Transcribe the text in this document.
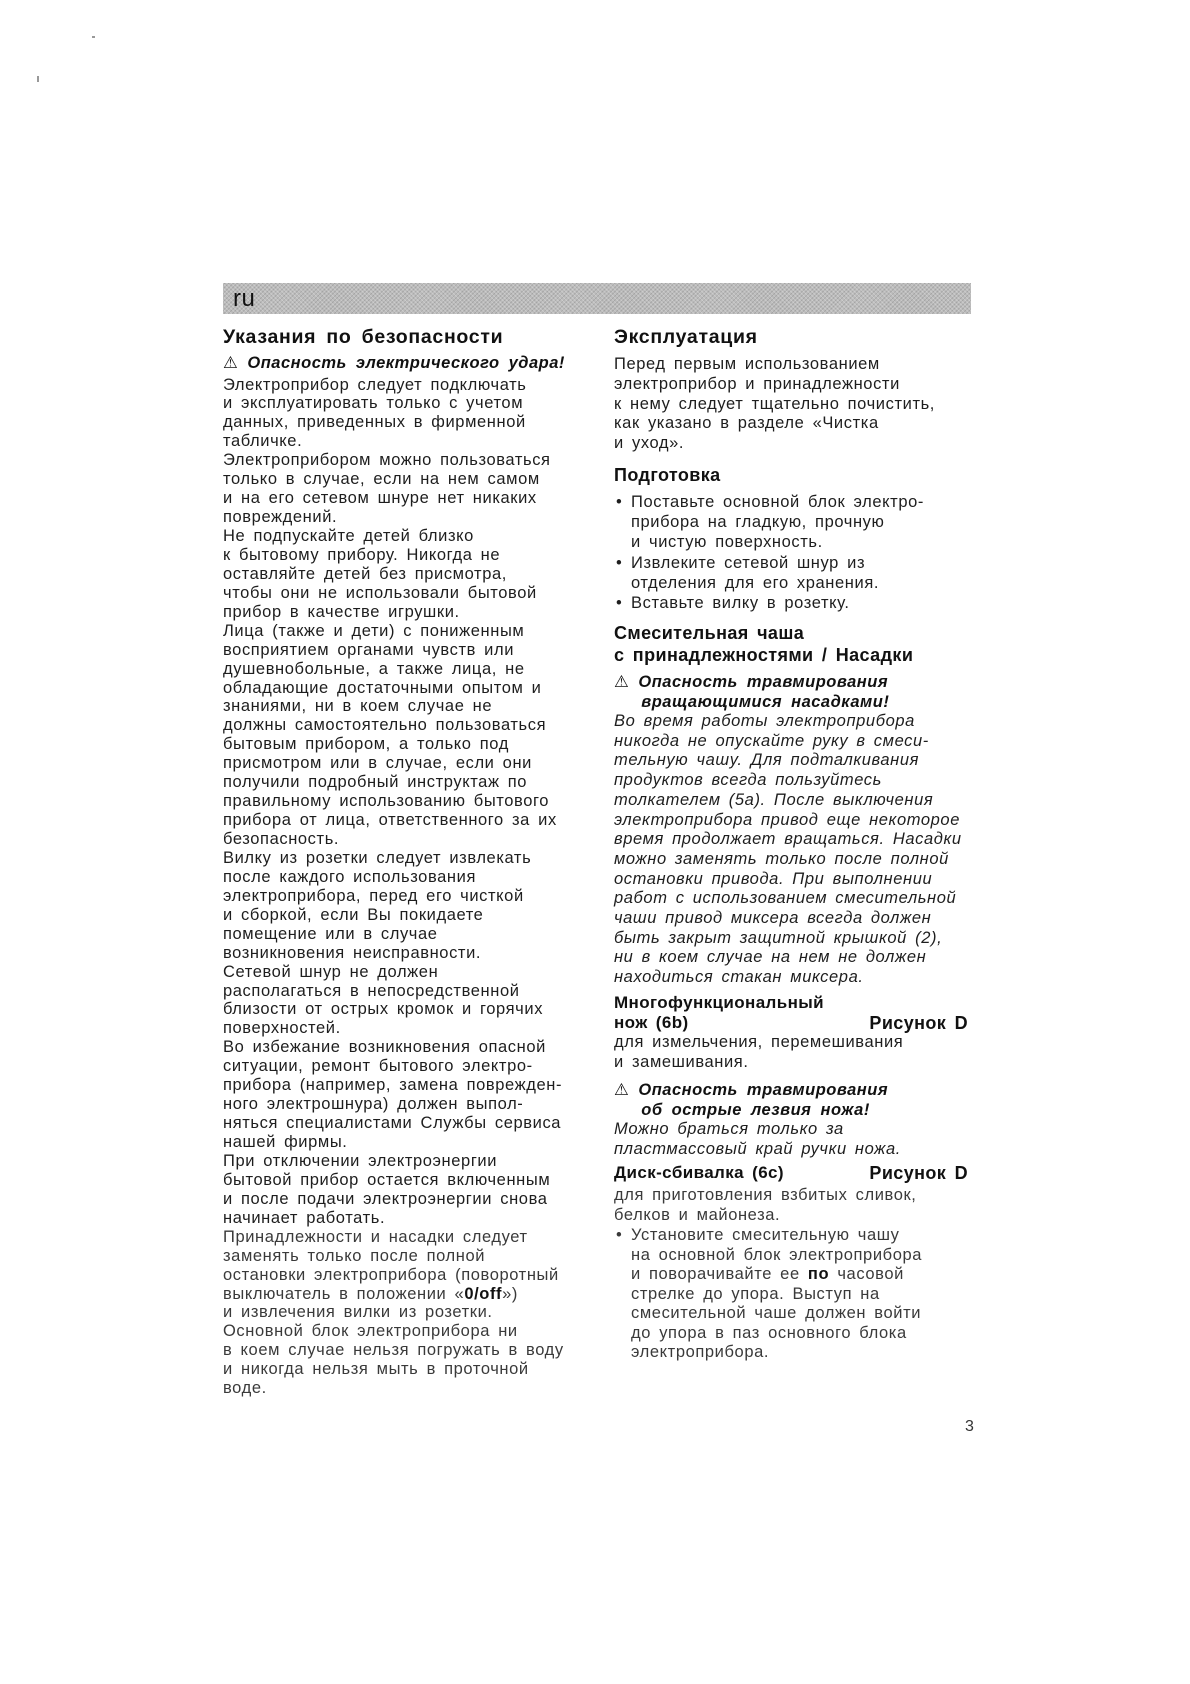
ru
Указания по безопасности
⚠ Опасность электрического удара!
Электроприбор следует подключать
и эксплуатировать только с учетом
данных, приведенных в фирменной
табличке.
Электроприбором можно пользоваться
только в случае, если на нем самом
и на его сетевом шнуре нет никаких
повреждений.
Не подпускайте детей близко
к бытовому прибору. Никогда не
оставляйте детей без присмотра,
чтобы они не использовали бытовой
прибор в качестве игрушки.
Лица (также и дети) с пониженным
восприятием органами чувств или
душевнобольные, а также лица, не
обладающие достаточными опытом и
знаниями, ни в коем случае не
должны самостоятельно пользоваться
бытовым прибором, а только под
присмотром или в случае, если они
получили подробный инструктаж по
правильному использованию бытового
прибора от лица, ответственного за их
безопасность.
Вилку из розетки следует извлекать
после каждого использования
электроприбора, перед его чисткой
и сборкой, если Вы покидаете
помещение или в случае
возникновения неисправности.
Сетевой шнур не должен
располагаться в непосредственной
близости от острых кромок и горячих
поверхностей.
Во избежание возникновения опасной
ситуации, ремонт бытового электро-
прибора (например, замена поврежден-
ного электрошнура) должен выпол-
няться специалистами Службы сервиса
нашей фирмы.
При отключении электроэнергии
бытовой прибор остается включенным
и после подачи электроэнергии снова
начинает работать.
Принадлежности и насадки следует
заменять только после полной
остановки электроприбора (поворотный
выключатель в положении «0/off»)
и извлечения вилки из розетки.
Основной блок электроприбора ни
в коем случае нельзя погружать в воду
и никогда нельзя мыть в проточной
воде.
Эксплуатация
Перед первым использованием
электроприбор и принадлежности
к нему следует тщательно почистить,
как указано в разделе «Чистка
и уход».
Подготовка
• Поставьте основной блок электро-
прибора на гладкую, прочную
и чистую поверхность.
• Извлеките сетевой шнур из
отделения для его хранения.
• Вставьте вилку в розетку.
Смесительная чаша
с принадлежностями / Насадки
⚠ Опасность травмирования
вращающимися насадками!
Во время работы электроприбора
никогда не опускайте руку в смеси-
тельную чашу. Для подталкивания
продуктов всегда пользуйтесь
толкателем (5а). После выключения
электроприбора привод еще некоторое
время продолжает вращаться. Насадки
можно заменять только после полной
остановки привода. При выполнении
работ с использованием смесительной
чаши привод миксера всегда должен
быть закрыт защитной крышкой (2),
ни в коем случае на нем не должен
находиться стакан миксера.
Многофункциональный
нож (6b)	Рисунок D
для измельчения, перемешивания
и замешивания.
⚠ Опасность травмирования
об острые лезвия ножа!
Можно браться только за
пластмассовый край ручки ножа.
Диск-сбивалка (6с)	Рисунок D
для приготовления взбитых сливок,
белков и майонеза.
• Установите смесительную чашу
на основной блок электроприбора
и поворачивайте ее по часовой
стрелке до упора. Выступ на
смесительной чаше должен войти
до упора в паз основного блока
электроприбора.
3
